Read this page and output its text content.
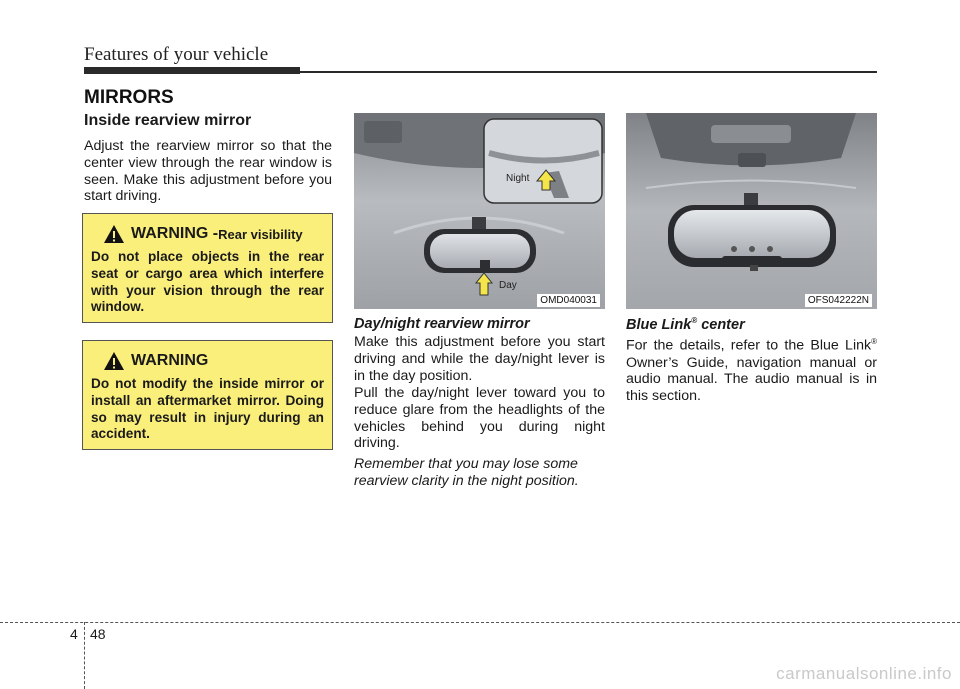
Features of your vehicle
MIRRORS
Inside rearview mirror
Adjust the rearview mirror so that the center view through the rear window is seen. Make this adjustment before you start driving.
WARNING - Rear visibility
Do not place objects in the rear seat or cargo area which interfere with your vision through the rear window.
WARNING
Do not modify the inside mirror or install an aftermarket mirror. Doing so may result in injury during an accident.
Night
Day
OMD040031	OFS042222N
Day/night rearview mirror
Make this adjustment before you start driving and while the day/night lever is in the day position.
Pull the day/night lever toward you to reduce glare from the headlights of the vehicles behind you during night driving.
Remember that you may lose some rearview clarity in the night position.
Blue Link® center
For the details, refer to the Blue Link® Owner’s Guide, navigation manual or audio manual. The audio manual is in this section.
4 48
carmanualsonline.info
